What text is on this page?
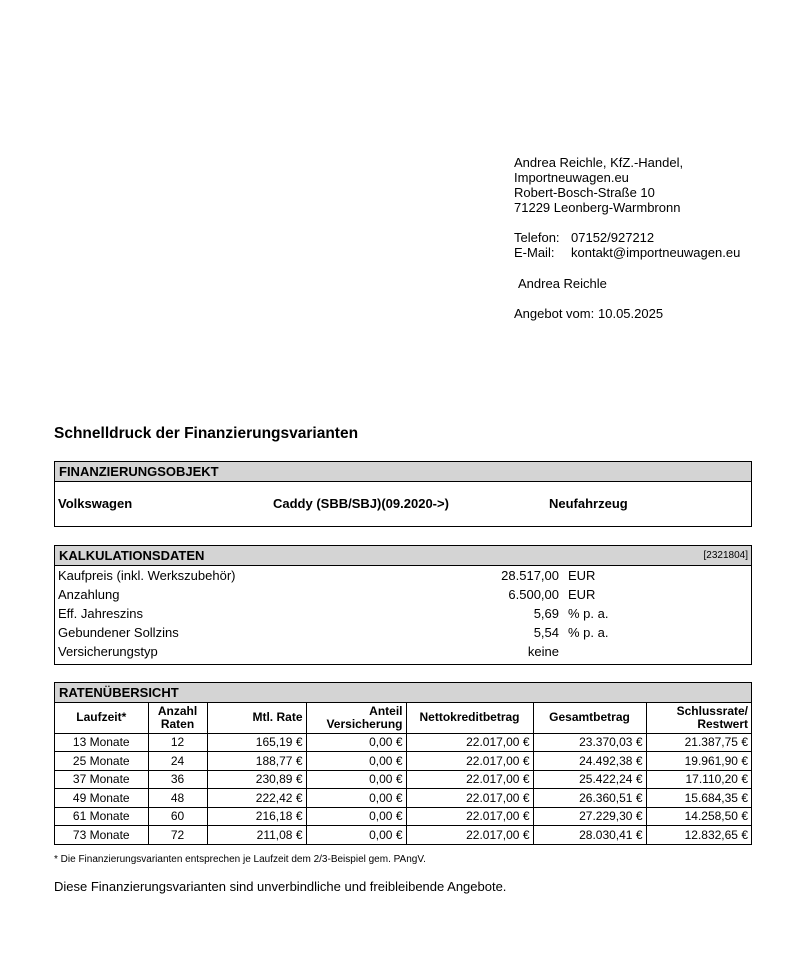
Andrea Reichle, KfZ.-Handel,
Importneuwagen.eu
Robert-Bosch-Straße 10
71229 Leonberg-Warmbronn
Telefon: 07152/927212
E-Mail:	kontakt@importneuwagen.eu
Andrea Reichle
Angebot vom: 10.05.2025
Schnelldruck der Finanzierungsvarianten
FINANZIERUNGSOBJEKT
Volkswagen	Caddy (SBB/SBJ)(09.2020->)	Neufahrzeug
KALKULATIONSDATEN	[2321804]
Kaufpreis (inkl. Werkszubehör)	28.517,00 EUR
Anzahlung	6.500,00 EUR
Eff. Jahreszins	5,69 % p. a.
Gebundener Sollzins	5,54 % p. a.
Versicherungstyp	keine
RATENÜBERSICHT
Laufzeit*	Anzahl Raten	Mtl. Rate	Anteil Versicherung	Nettokreditbetrag	Gesamtbetrag	Schlussrate/ Restwert
13 Monate	12	165,19 €	0,00 €	22.017,00 €	23.370,03 €	21.387,75 €
25 Monate	24	188,77 €	0,00 €	22.017,00 €	24.492,38 €	19.961,90 €
37 Monate	36	230,89 €	0,00 €	22.017,00 €	25.422,24 €	17.110,20 €
49 Monate	48	222,42 €	0,00 €	22.017,00 €	26.360,51 €	15.684,35 €
61 Monate	60	216,18 €	0,00 €	22.017,00 €	27.229,30 €	14.258,50 €
73 Monate	72	211,08 €	0,00 €	22.017,00 €	28.030,41 €	12.832,65 €
* Die Finanzierungsvarianten entsprechen je Laufzeit dem 2/3-Beispiel gem. PAngV.
Diese Finanzierungsvarianten sind unverbindliche und freibleibende Angebote.
